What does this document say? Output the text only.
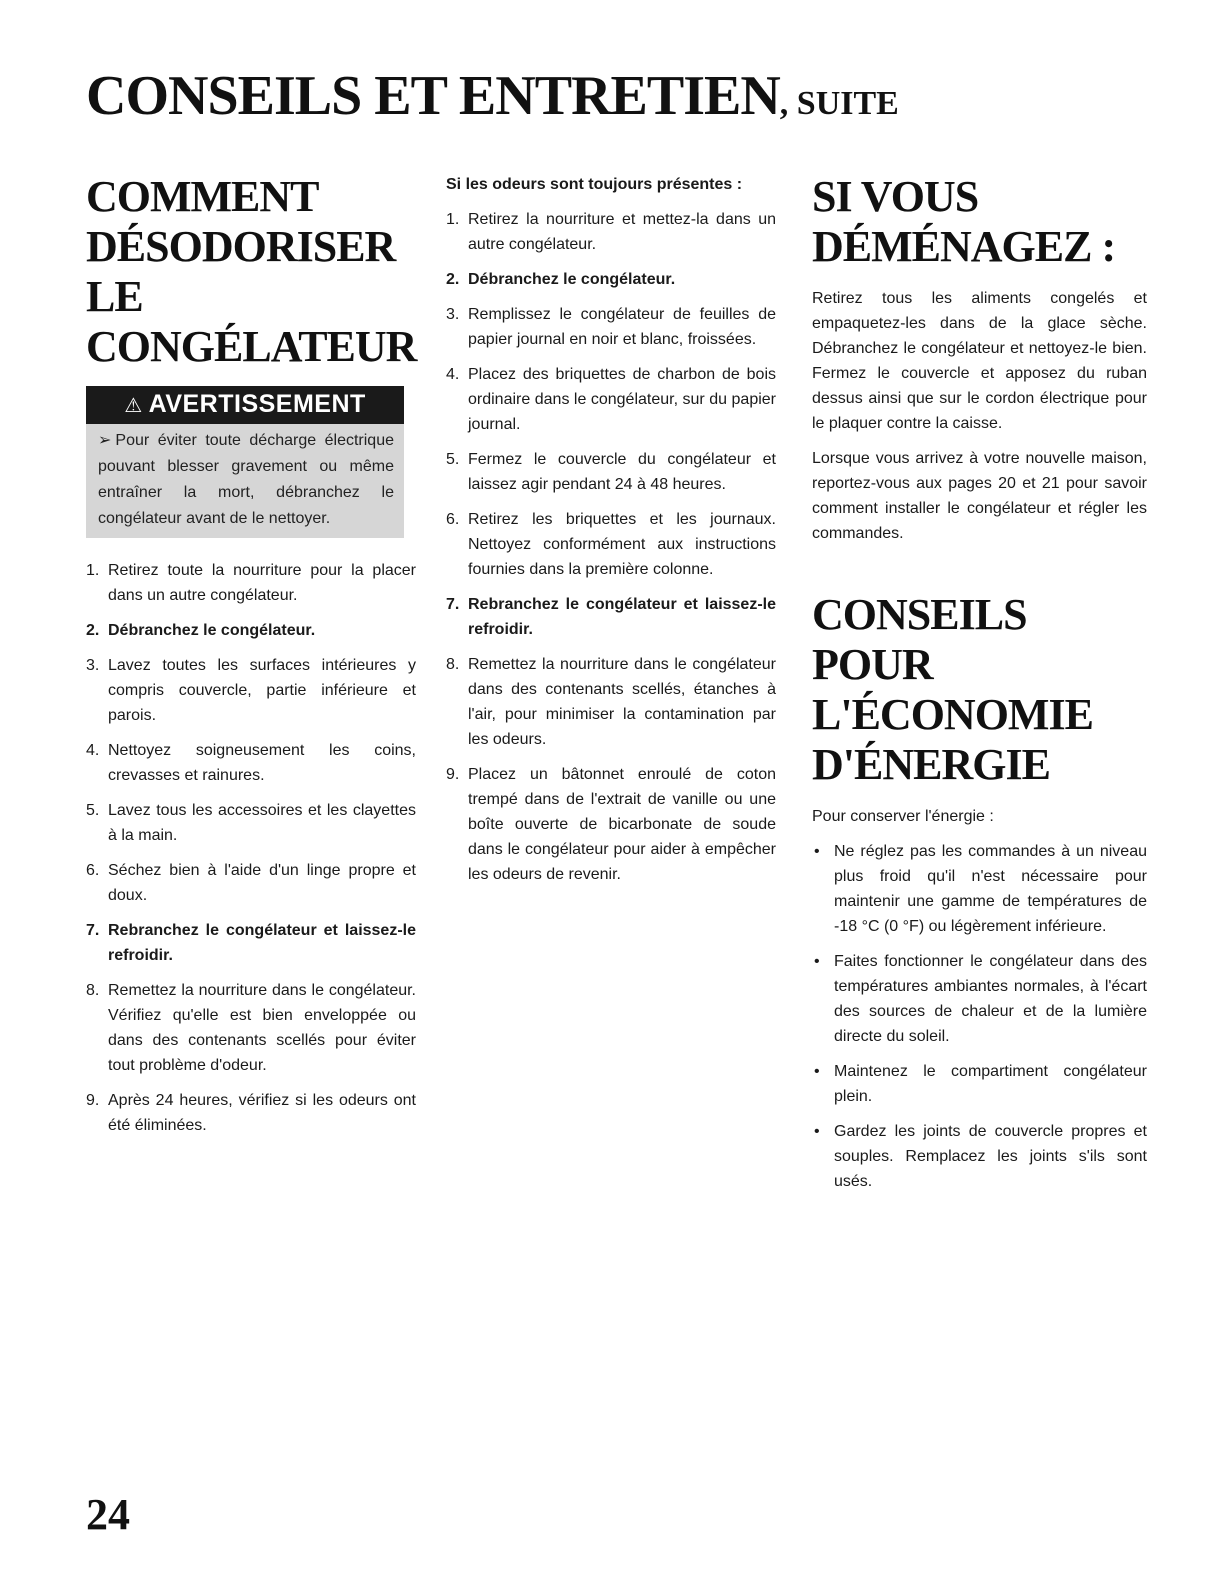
CONSEILS ET ENTRETIEN, SUITE
COMMENT DÉSODORISER LE
CONGÉLATEUR
⚠ AVERTISSEMENT
➢ Pour éviter toute décharge électrique pouvant blesser gravement ou même entraîner la mort, débranchez le congélateur avant de le nettoyer.
1. Retirez toute la nourriture pour la placer dans un autre congélateur.
2. Débranchez le congélateur.
3. Lavez toutes les surfaces intérieures y compris couvercle, partie inférieure et parois.
4. Nettoyez soigneusement les coins, crevasses et rainures.
5. Lavez tous les accessoires et les clayettes à la main.
6. Séchez bien à l'aide d'un linge propre et doux.
7. Rebranchez le congélateur et laissez-le refroidir.
8. Remettez la nourriture dans le congélateur. Vérifiez qu'elle est bien enveloppée ou dans des contenants scellés pour éviter tout problème d'odeur.
9. Après 24 heures, vérifiez si les odeurs ont été éliminées.

Si les odeurs sont toujours présentes :

1. Retirez la nourriture et mettez-la dans un autre congélateur.
2. Débranchez le congélateur.
3. Remplissez le congélateur de feuilles de papier journal en noir et blanc, froissées.
4. Placez des briquettes de charbon de bois ordinaire dans le congélateur, sur du papier journal.
5. Fermez le couvercle du congélateur et laissez agir pendant 24 à 48 heures.
6. Retirez les briquettes et les journaux. Nettoyez conformément aux instructions fournies dans la première colonne.
7. Rebranchez le congélateur et laissez-le refroidir.
8. Remettez la nourriture dans le congélateur dans des contenants scellés, étanches à l'air, pour minimiser la contamination par les odeurs.
9. Placez un bâtonnet enroulé de coton trempé dans de l'extrait de vanille ou une boîte ouverte de bicarbonate de soude dans le congélateur pour aider à empêcher les odeurs de revenir.
SI VOUS DÉMÉNAGEZ :

Retirez tous les aliments congelés et empaquetez-les dans de la glace sèche. Débranchez le congélateur et nettoyez-le bien. Fermez le couvercle et apposez du ruban dessus ainsi que sur le cordon électrique pour le plaquer contre la caisse.

Lorsque vous arrivez à votre nouvelle maison, reportez-vous aux pages 20 et 21 pour savoir comment installer le congélateur et régler les commandes.

CONSEILS POUR L'ÉCONOMIE
D'ÉNERGIE

Pour conserver l'énergie :

• Ne réglez pas les commandes à un niveau plus froid qu'il n'est nécessaire pour maintenir une gamme de températures de -18 °C (0 °F) ou légèrement inférieure.
• Faites fonctionner le congélateur dans des températures ambiantes normales, à l'écart des sources de chaleur et de la lumière directe du soleil.
• Maintenez le compartiment congélateur plein.
• Gardez les joints de couvercle propres et souples. Remplacez les joints s'ils sont usés.
24
